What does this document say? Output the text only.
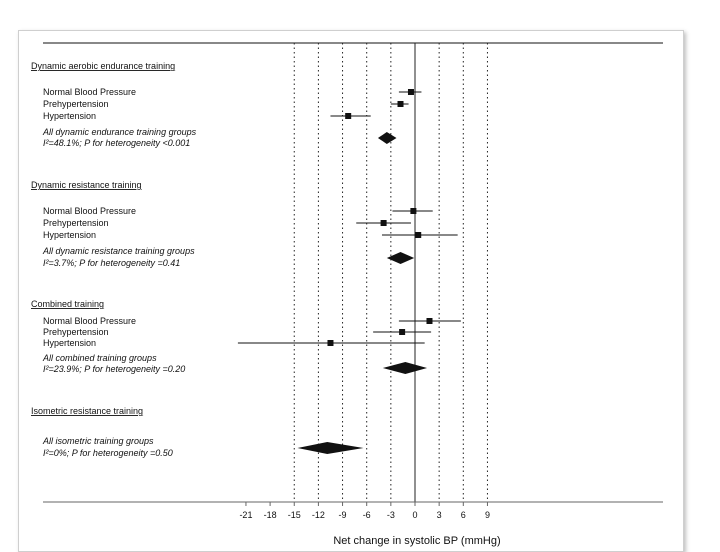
Dynamic aerobic endurance training
Normal Blood Pressure
Prehypertension
Hypertension
All dynamic endurance training groups
I²=48.1%; P for heterogeneity <0.001
Dynamic resistance training
Normal Blood Pressure
Prehypertension
Hypertension
All dynamic resistance training groups
I²=3.7%; P for heterogeneity =0.41
Combined training
Normal Blood Pressure
Prehypertension
Hypertension
All combined training groups
I²=23.9%; P for heterogeneity =0.20
Isometric resistance training
All isometric training groups
I²=0%; P for heterogeneity =0.50
-21 -18 -15 -12 -9 -6 -3 0 3 6 9
Net change in systolic BP (mmHg)
